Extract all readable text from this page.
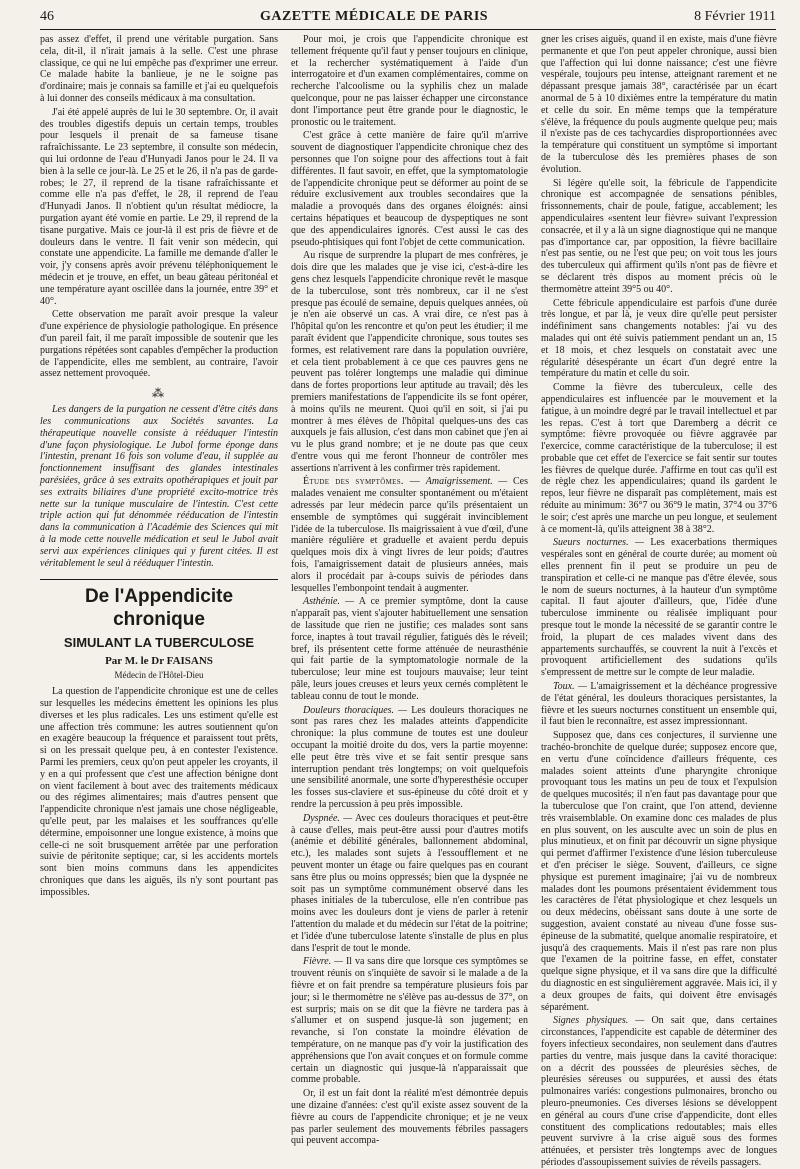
46	GAZETTE MÉDICALE DE PARIS	8 Février 1911

pas assez d'effet, il prend une véritable purgation. Sans cela, dit-il, il n'irait jamais à la selle. C'est une phrase classique, ce qui ne lui empêche pas d'exprimer une erreur. Ce malade habite la banlieue, je ne le soigne pas d'ordinaire; mais je connais sa famille et j'ai eu quelquefois à lui donner des conseils médicaux à ma consultation.

J'ai été appelé auprès de lui le 30 septembre. Or, il avait des troubles digestifs depuis un certain temps, troubles pour lesquels il prenait de sa fameuse tisane rafraîchissante. Le 23 septembre, il consulte son médecin, qui lui ordonne de l'eau d'Hunyadi Janos pour le 24. Il va bien à la selle ce jour-là. Le 25 et le 26, il n'a pas de garde-robes; le 27, il reprend de la tisane rafraîchissante et comme elle n'a pas d'effet, le 28, il reprend de l'eau d'Hunyadi Janos. Il n'obtient qu'un résultat médiocre, la purgation ayant été vomie en partie. Le 29, il reprend de la tisane purgative. Mais ce jour-là il est pris de fièvre et de douleurs dans le ventre. Il fait venir son médecin, qui constate une appendicite. La famille me demande d'aller le voir, j'y consens après avoir prévenu téléphoniquement le médecin et je trouve, en effet, un beau gâteau péritonéal et une température ayant oscillée dans la journée, entre 39° et 40°.

Cette observation me paraît avoir presque la valeur d'une expérience de physiologie pathologique. En présence d'un pareil fait, il me paraît impossible de soutenir que les purgations répétées sont capables d'empêcher la production de l'appendicite, elles me semblent, au contraire, l'avoir assez nettement provoquée.

⁂

Les dangers de la purgation ne cessent d'être cités dans les communications aux Sociétés savantes. La thérapeutique nouvelle consiste à rééduquer l'intestin d'une façon physiologique. Le Jubol forme éponge dans l'intestin, prenant 16 fois son volume d'eau, il supplée au fonctionnement insuffisant des glandes intestinales parésiées, grâce à ses extraits opothérapiques et jouit par ses extraits biliaires d'une propriété excito-motrice très nette sur la tunique musculaire de l'intestin. C'est cette triple action qui fut dénommée rééducation de l'intestin dans la communication à l'Académie des Sciences qui mit à la mode cette nouvelle médication et seul le Jubol avait servi aux expériences cliniques qui y furent citées. Il est véritablement le seul à rééduquer l'intestin.

De l'Appendicite chronique
SIMULANT LA TUBERCULOSE
Par M. le Dr FAISANS
Médecin de l'Hôtel-Dieu

La question de l'appendicite chronique est une de celles sur lesquelles les médecins émettent les opinions les plus diverses et les plus radicales. Les uns estiment qu'elle est une affection très commune: les autres soutiennent qu'on en exagère beaucoup la fréquence et paraissent tout prêts, si on les pressait quelque peu, à en contester l'existence. Parmi les premiers, ceux qu'on peut appeler les croyants, il y en a qui professent que c'est une affection bénigne dont on vient facilement à bout avec des traitements médicaux ou des régimes alimentaires; mais d'autres pensent que l'appendicite chronique n'est jamais une chose négligeable, qu'elle peut, par les malaises et les souffrances qu'elle détermine, empoisonner une longue existence, à moins que celle-ci ne soit brusquement arrêtée par une perforation suivie de péritonite septique; car, si les accidents mortels sont bien moins communs dans les appendicites chroniques que dans les aiguës, ils n'y sont pourtant pas impossibles.

Pour moi, je crois que l'appendicite chronique est tellement fréquente qu'il faut y penser toujours en clinique, et la rechercher systématiquement à l'aide d'un interrogatoire et d'un examen complémentaires, comme on recherche l'alcoolisme ou la syphilis chez un malade quelconque, pour ne pas laisser échapper une circonstance dont l'importance peut être grande pour le diagnostic, le pronostic ou le traitement.

C'est grâce à cette manière de faire qu'il m'arrive souvent de diagnostiquer l'appendicite chronique chez des personnes que l'on soigne pour des affections tout à fait différentes. Il faut savoir, en effet, que la symptomatologie de l'appendicite chronique peut se déformer au point de se réduire exclusivement aux troubles secondaires que la maladie a provoqués dans des organes éloignés: ainsi certains hépatiques et beaucoup de dyspeptiques ne sont que des appendiculaires ignorés. C'est aussi le cas des pseudo-phtisiques qui font l'objet de cette communication.

Au risque de surprendre la plupart de mes confrères, je dois dire que les malades que je vise ici, c'est-à-dire les gens chez lesquels l'appendicite chronique revêt le masque de la tuberculose, sont très nombreux, car il ne s'est presque pas écoulé de semaine, depuis quelques années, où je n'en aie observé un cas. A vrai dire, ce n'est pas à l'hôpital qu'on les rencontre et qu'on peut les étudier; il me paraît évident que l'appendicite chronique, sous toutes ses formes, est relativement rare dans la population ouvrière, et cela tient probablement à ce que ces pauvres gens ne peuvent pas tolérer longtemps une maladie qui diminue dans de fortes proportions leur aptitude au travail; dès les premiers manifestations de l'appendicite ils se font opérer, à moins qu'ils ne meurent. Quoi qu'il en soit, si j'ai pu montrer à mes élèves de l'hôpital quelques-uns des cas auxquels je fais allusion, c'est dans mon cabinet que j'en ai vu le plus grand nombre; et je ne doute pas que ceux d'entre vous qui me feront l'honneur de contrôler mes assertions n'arrivent à les confirmer très rapidement.

Étude des symptômes. — Amaigrissement. — Ces malades venaient me consulter spontanément ou m'étaient adressés par leur médecin parce qu'ils présentaient un ensemble de symptômes qui suggérait invinciblement l'idée de la tuberculose. Ils maigrissaient à vue d'œil, d'une manière régulière et graduelle et avaient perdu depuis quelques mois dix à vingt livres de leur poids; d'autres fois, l'amaigrissement datait de plusieurs années, mais alors il procédait par à-coups suivis de périodes dans lesquelles l'embonpoint tendait à augmenter.

Asthénie. — A ce premier symptôme, dont la cause n'apparaît pas, vient s'ajouter habituellement une sensation de lassitude que rien ne justifie; ces malades sont sans force, inaptes à tout travail régulier, fatigués dès le réveil; bref, ils présentent cette forme atténuée de neurasthénie qui fait partie de la symptomatologie normale de la tuberculose; leur mine est toujours mauvaise; leur teint pâle, leurs joues creuses et leurs yeux cernés complètent le tableau connu de tout le monde.

Douleurs thoraciques. — Les douleurs thoraciques ne sont pas rares chez les malades atteints d'appendicite chronique: la plus commune de toutes est une douleur occupant la moitié droite du dos, vers la partie moyenne: elle peut être très vive et se fait sentir presque sans interruption pendant très longtemps; on voit quelquefois une sensibilité anormale, une sorte d'hyperesthésie occuper les fosses sus-claviere et sus-épineuse du côté droit et y rendre la percussion à peu près impossible.

Dyspnée. — Avec ces douleurs thoraciques et peut-être à cause d'elles, mais peut-être aussi pour d'autres motifs (anémie et débilité générales, ballonnement abdominal, etc.), les malades sont sujets à l'essoufflement et ne peuvent monter un étage ou faire quelques pas en courant sans être plus ou moins oppressés; bien que la dyspnée ne soit pas un symptôme communément observé dans les phases initiales de la tuberculose, elle n'en contribue pas moins avec les douleurs dont je viens de parler à retenir l'attention du malade et du médecin sur l'état de la poitrine; et l'idée d'une tuberculose latente s'installe de plus en plus dans l'esprit de tout le monde.

Fièvre. — Il va sans dire que lorsque ces symptômes se trouvent réunis on s'inquiète de savoir si le malade a de la fièvre et on fait prendre sa température plusieurs fois par jour; si le thermomètre ne s'élève pas au-dessus de 37°, on est surpris; mais on se dit que la fièvre ne tardera pas à s'allumer et on suspend jusque-là son jugement; en revanche, si l'on constate la moindre élévation de température, on ne manque pas d'y voir la justification des appréhensions que l'on avait conçues et on formule comme certain un diagnostic qui jusque-là n'apparaissait que comme probable.

Or, il est un fait dont la réalité m'est démontrée depuis une dizaine d'années: c'est qu'il existe assez souvent de la fièvre au cours de l'appendicite chronique; et je ne veux pas parler seulement des mouvements fébriles passagers qui peuvent accompa-

gner les crises aiguës, quand il en existe, mais d'une fièvre permanente et que l'on peut appeler chronique, aussi bien que l'affection qui lui donne naissance; c'est une fièvre vespérale, toujours peu intense, atteignant rarement et ne dépassant presque jamais 38°, caractérisée par un écart anormal de 5 à 10 dixièmes entre la température du matin et celle du soir. En même temps que la température s'élève, la fréquence du pouls augmente quelque peu; mais il n'existe pas de ces tachycardies disproportionnées avec la température qui constituent un symptôme si important de la tuberculose dès les premières phases de son évolution.

Si légère qu'elle soit, la fébricule de l'appendicite chronique est accompagnée de sensations pénibles, frissonnements, chair de poule, fatigue, accablement; les appendiculaires «sentent leur fièvre» suivant l'expression consacrée, et il y a là un signe diagnostique qui ne manque pas d'importance car, par opposition, la fièvre bacillaire n'est pas sentie, ou ne l'est que peu; on voit tous les jours des tuberculeux qui affirment qu'ils n'ont pas de fièvre et se déclarent très dispos au moment précis où le thermomètre atteint 39°5 ou 40°.

Cette fébricule appendiculaire est parfois d'une durée très longue, et par là, je veux dire qu'elle peut persister indéfiniment sans changements notables: j'ai vu des malades qui ont été suivis patiemment pendant un an, 15 et 18 mois, et chez lesquels on constatait avec une régularité désespérante un écart d'un degré entre la température du matin et celle du soir.

Comme la fièvre des tuberculeux, celle des appendiculaires est influencée par le mouvement et la fatigue, à un moindre degré par le travail intellectuel et par les repas. C'est à tort que Daremberg a décrit ce symptôme: fièvre provoquée ou fièvre aggravée par l'exercice, comme caractéristique de la tuberculose; il est probable que cet effet de l'exercice se fait sentir sur toutes les fièvres de quelque durée. J'affirme en tout cas qu'il est de règle chez les appendiculaires; quand ils gardent le repos, leur fièvre ne disparaît pas complètement, mais est réduite au minimum: 36°7 ou 36°9 le matin, 37°4 ou 37°6 le soir; c'est après une marche un peu longue, et seulement à ce moment-là, qu'ils atteignent 38 à 38°2.

Sueurs nocturnes. — Les exacerbations thermiques vespérales sont en général de courte durée; au moment où elles prennent fin il peut se produire un peu de transpiration et celle-ci ne manque pas d'être élevée, sous le nom de sueurs nocturnes, à la hauteur d'un symptôme capital. Il faut ajouter d'ailleurs, que, l'idée d'une tuberculose imminente ou réalisée impliquant pour presque tout le monde la nécessité de se garantir contre le froid, la plupart de ces malades vivent dans des appartements surchauffés, se couvrent la nuit à l'excès et provoquent artificiellement des sudations qu'ils s'empressent de mettre sur le compte de leur maladie.

Toux. — L'amaigrissement et la déchéance progressive de l'état général, les douleurs thoraciques persistantes, la fièvre et les sueurs nocturnes constituent un ensemble qui, il faut bien le reconnaître, est assez impressionnant.

Supposez que, dans ces conjectures, il survienne une trachéo-bronchite de quelque durée; supposez encore que, en vertu d'une coïncidence d'ailleurs fréquente, ces malades soient atteints d'une pharyngite chronique provoquant tous les matins un peu de toux et l'expulsion de quelques mucosités; il n'en faut pas davantage pour que la tuberculose que l'on craint, que l'on attend, devienne très vraisemblable. On examine donc ces malades de plus en plus souvent, on les ausculte avec un soin de plus en plus minutieux, et on finit par découvrir un signe physique qui permet d'affirmer l'existence d'une lésion tuberculeuse et d'en préciser le siège. Souvent, d'ailleurs, ce signe physique est purement imaginaire; j'ai vu de nombreux malades dont les poumons présentaient évidemment tous les caractères de l'état physiologique et chez lesquels un ou deux médecins, obéissant sans doute à une sorte de suggestion, avaient constaté au niveau d'une fosse sus-épineuse de la submatité, quelque anomalie respiratoire, et jusqu'à des craquements. Mais il n'est pas rare non plus que l'examen de la poitrine fasse, en effet, constater quelque signe physique, et il va sans dire que la difficulté du diagnostic en est singulièrement aggravée. Mais ici, il y a deux groupes de faits, qui doivent être envisagés séparément.

Signes physiques. — On sait que, dans certaines circonstances, l'appendicite est capable de déterminer des foyers infectieux secondaires, non seulement dans d'autres parties du ventre, mais jusque dans la cavité thoracique: on a décrit des poussées de pleurésies sèches, de pleurésies séreuses ou suppurées, et aussi des états pulmonaires variés: congestions pulmonaires, broncho ou pleuro-pneumonies. Ces diverses lésions se développent en général au cours d'une crise d'appendicite, dont elles constituent des complications redoutables; mais elles peuvent survivre à la crise aiguë sous des formes atténuées, et persister très longtemps avec de longues périodes d'assoupissement suivies de réveils passagers.
